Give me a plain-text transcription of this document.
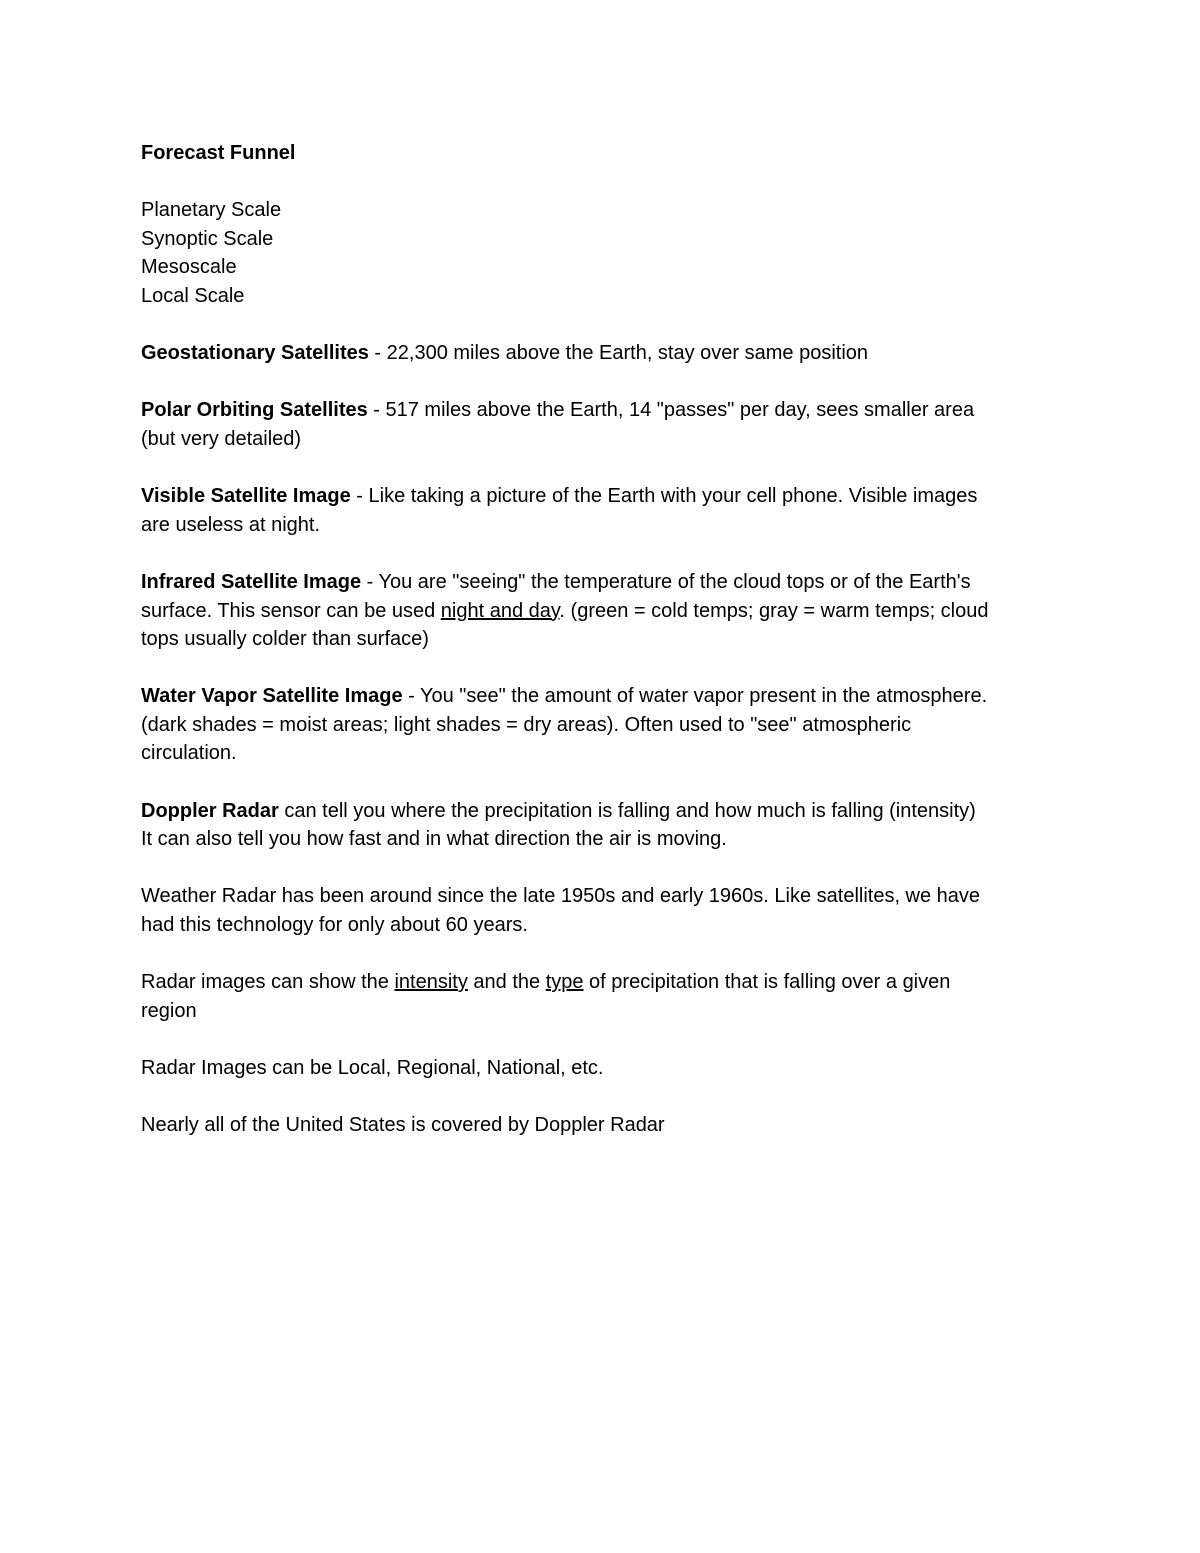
Forecast Funnel
Planetary Scale
Synoptic Scale
Mesoscale
Local Scale
Geostationary Satellites - 22,300 miles above the Earth, stay over same position
Polar Orbiting Satellites - 517 miles above the Earth, 14 "passes" per day, sees smaller area
(but very detailed)
Visible Satellite Image - Like taking a picture of the Earth with your cell phone. Visible images
are useless at night.
Infrared Satellite Image - You are "seeing" the temperature of the cloud tops or of the Earth's
surface. This sensor can be used night and day. (green = cold temps; gray = warm temps; cloud
tops usually colder than surface)
Water Vapor Satellite Image - You "see" the amount of water vapor present in the atmosphere.
(dark shades = moist areas; light shades = dry areas). Often used to "see" atmospheric
circulation.
Doppler Radar can tell you where the precipitation is falling and how much is falling (intensity)
It can also tell you how fast and in what direction the air is moving.
Weather Radar has been around since the late 1950s and early 1960s. Like satellites, we have
had this technology for only about 60 years.
Radar images can show the intensity and the type of precipitation that is falling over a given
region
Radar Images can be Local, Regional, National, etc.
Nearly all of the United States is covered by Doppler Radar
